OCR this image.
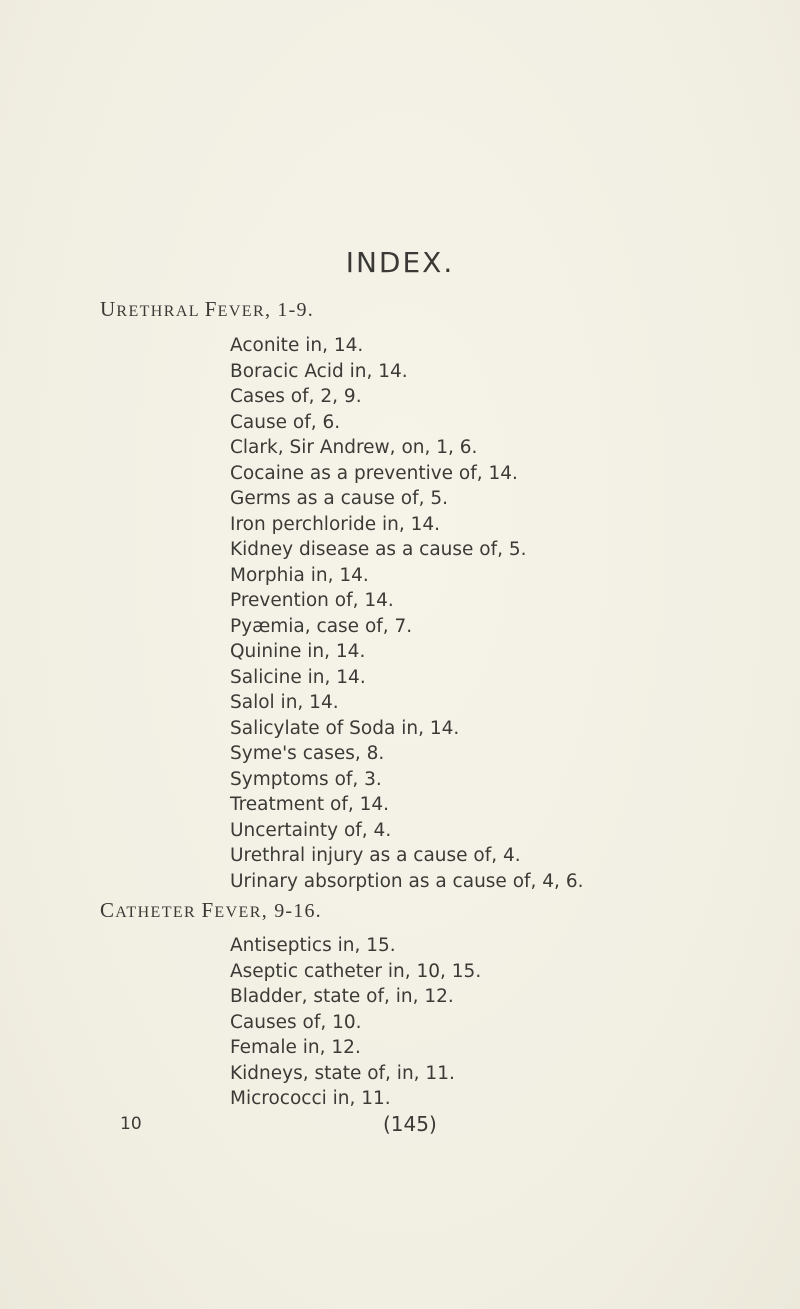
INDEX.
URETHRAL FEVER, 1-9.
Aconite in, 14.
Boracic Acid in, 14.
Cases of, 2, 9.
Cause of, 6.
Clark, Sir Andrew, on, 1, 6.
Cocaine as a preventive of, 14.
Germs as a cause of, 5.
Iron perchloride in, 14.
Kidney disease as a cause of, 5.
Morphia in, 14.
Prevention of, 14.
Pyæmia, case of, 7.
Quinine in, 14.
Salicine in, 14.
Salol in, 14.
Salicylate of Soda in, 14.
Syme's cases, 8.
Symptoms of, 3.
Treatment of, 14.
Uncertainty of, 4.
Urethral injury as a cause of, 4.
Urinary absorption as a cause of, 4, 6.
CATHETER FEVER, 9-16.
Antiseptics in, 15.
Aseptic catheter in, 10, 15.
Bladder, state of, in, 12.
Causes of, 10.
Female in, 12.
Kidneys, state of, in, 11.
Micrococci in, 11.
10	(145)
